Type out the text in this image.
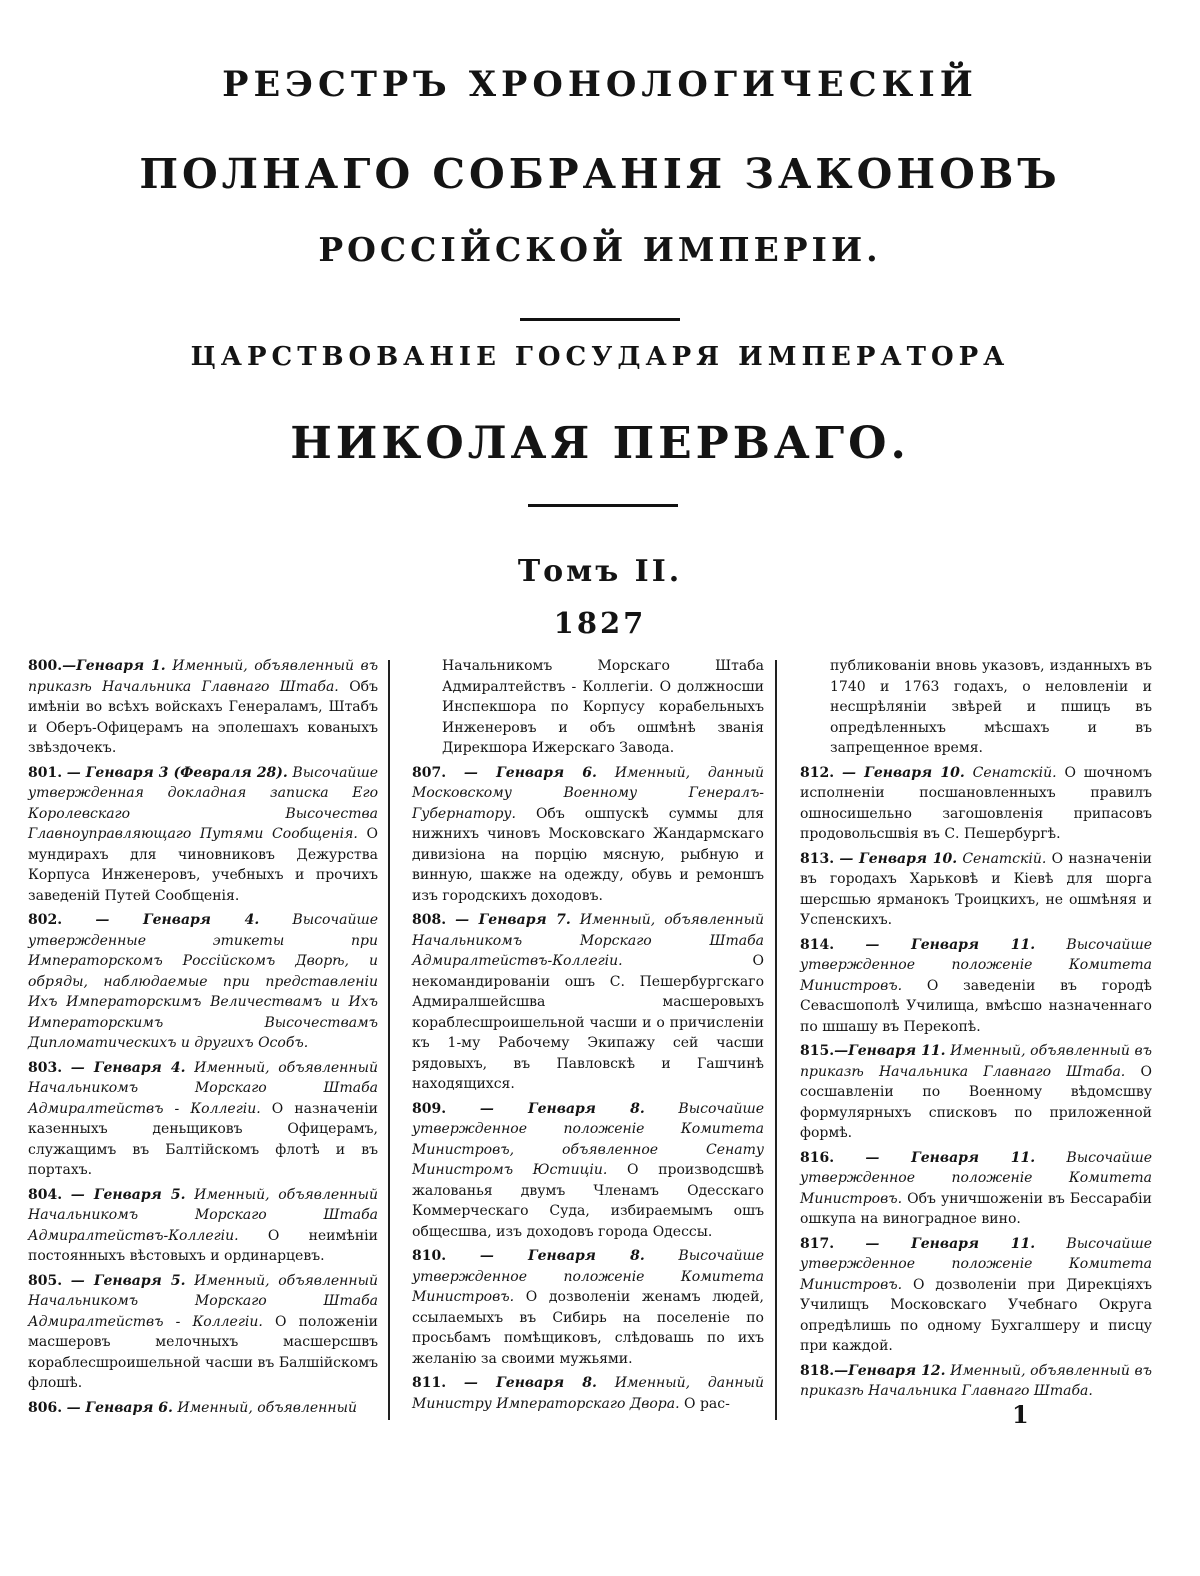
РЕЭСТРЪ ХРОНОЛОГИЧЕСКІЙ
ПОЛНАГО СОБРАНІЯ ЗАКОНОВЪ
РОССІЙСКОЙ ИМПЕРІИ.
ЦАРСТВОВАНІЕ ГОСУДАРЯ ИМПЕРАТОРА
НИКОЛАЯ ПЕРВАГО.
Томъ II.
1827

800.—Генваря 1. Именный, объявленный въ приказѣ Начальника Главнаго Штаба. Объ имѣніи во всѣхъ войскахъ Генераламъ, Штабъ и Оберъ-Офицерамъ на эполешахъ кованыхъ звѣздочекъ.

801. — Генваря 3 (Февраля 28). Высочайше утвержденная докладная записка Его Королевскаго Высочества Главноуправляющаго Путями Сообщенія. О мундирахъ для чиновниковъ Дежурства Корпуса Инженеровъ, учебныхъ и прочихъ заведеній Путей Сообщенія.

802. — Генваря 4. Высочайше утвержденные этикеты при Императорскомъ Россійскомъ Дворѣ, и обряды, наблюдаемые при представленіи Ихъ Императорскимъ Величествамъ и Ихъ Императорскимъ Высочествамъ Дипломатическихъ и другихъ Особъ.

803. — Генваря 4. Именный, объявленный Начальникомъ Морскаго Штаба Адмиралтействъ - Коллегіи. О назначеніи казенныхъ деньщиковъ Офицерамъ, служащимъ въ Балтійскомъ флотѣ и въ портахъ.

804. — Генваря 5. Именный, объявленный Начальникомъ Морскаго Штаба Адмиралтействъ-Коллегіи. О неимѣніи постоянныхъ вѣстовыхъ и ординарцевъ.

805. — Генваря 5. Именный, объявленный Начальникомъ Морскаго Штаба Адмиралтействъ - Коллегіи. О положеніи масшеровъ мелочныхъ масшерсшвъ кораблесшроишельной часши въ Балшійскомъ флошѣ.

806. — Генваря 6. Именный, объявленный

Начальникомъ Морскаго Штаба Адмиралтействъ - Коллегіи. О должносши Инспекшора по Корпусу корабельныхъ Инженеровъ и объ ошмѣнѣ званія Дирекшора Ижерскаго Завода.

807. — Генваря 6. Именный, данный Московскому Военному Генералъ-Губернатору. Объ ошпускѣ суммы для нижнихъ чиновъ Московскаго Жандармскаго дивизіона на порцію мясную, рыбную и винную, шакже на одежду, обувь и ремоншъ изъ городскихъ доходовъ.

808. — Генваря 7. Именный, объявленный Начальникомъ Морскаго Штаба Адмиралтействъ-Коллегіи.	О некомандированіи ошъ С. Пешербургскаго Адмиралшейсшва масшеровыхъ кораблесшроишельной часши и о причисленіи къ 1-му Рабочему Экипажу сей часши рядовыхъ, въ Павловскѣ и Гашчинѣ находящихся.

809. — Генваря 8. Высочайше утвержденное положеніе Комитета Министровъ, объявленное Сенату Министромъ Юстиціи. О производсшвѣ жалованья двумъ Членамъ Одесскаго Коммерческаго Суда, избираемымъ ошъ общесшва, изъ доходовъ города Одессы.

810. — Генваря 8. Высочайше утвержденное положеніе Комитета Министровъ. О дозволеніи женамъ людей, ссылаемыхъ въ Сибирь на поселеніе по просьбамъ помѣщиковъ, слѣдовашь по ихъ желанію за своими мужьями.

811. — Генваря 8. Именный, данный Министру Императорскаго Двора. О рас-

публикованіи вновь указовъ, изданныхъ въ 1740 и 1763 годахъ, о неловленіи и несшрѣляніи звѣрей и пшицъ въ опредѣленныхъ мѣсшахъ и въ запрещенное время.

812. — Генваря 10. Сенатскій. О шочномъ исполненіи посшановленныхъ правилъ ошносишельно загошовленія припасовъ продовольсшвія въ С. Пешербургѣ.

813. — Генваря 10. Сенатскій. О назначеніи въ городахъ Харьковѣ и Кіевѣ для шорга шерсшью ярманокъ Троицкихъ, не ошмѣняя и Успенскихъ.

814. — Генваря 11. Высочайше утвержденное положеніе Комитета Министровъ. О заведеніи въ городѣ Севасшополѣ Училища, вмѣсшо назначеннаго по шшашу въ Перекопѣ.

815.—Генваря 11. Именный, объявленный въ приказѣ Начальника Главнаго Штаба. О сосшавленіи по Военному вѣдомсшву формулярныхъ списковъ по приложенной формѣ.

816. — Генваря 11. Высочайше утвержденное положеніе Комитета Министровъ. Объ уничшоженіи въ Бессарабіи ошкупа на виноградное вино.

817. — Генваря 11. Высочайше утвержденное положеніе Комитета Министровъ. О дозволеніи при Дирекціяхъ Училищъ Московскаго Учебнаго Округа опредѣлишь по одному Бухгалшеру и писцу при каждой.

818.—Генваря 12. Именный, объявленный въ приказѣ Начальника Главнаго Штаба.

1
